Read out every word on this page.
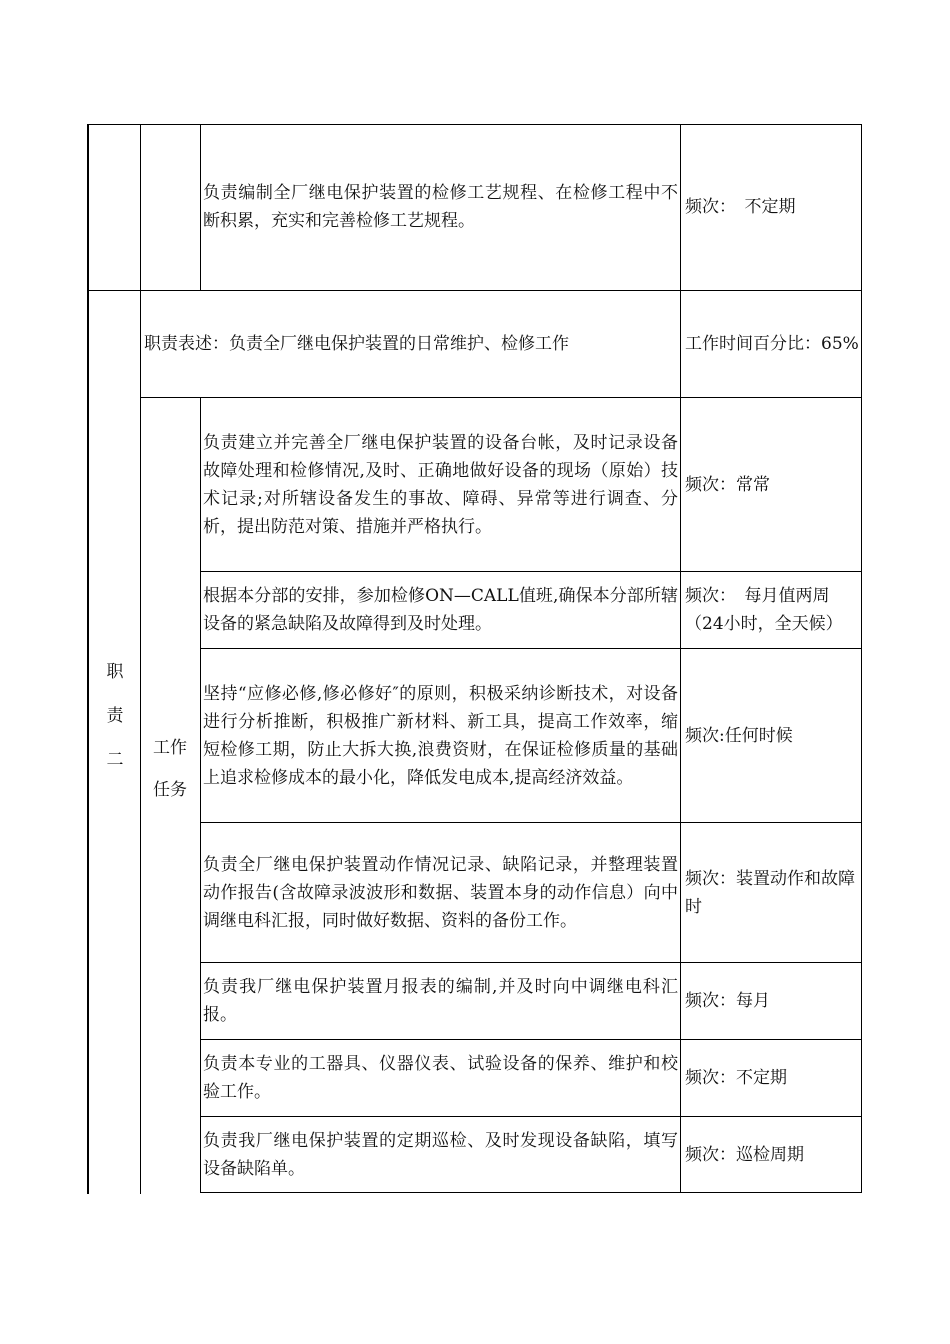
负责编制全厂继电保护装置的检修工艺规程、在检修工程中不断积累，充实和完善检修工艺规程。
频次：　不定期
职
责
二
职责表述：负责全厂继电保护装置的日常维护、检修工作	工作时间百分比：65%
工作
任务
负责建立并完善全厂继电保护装置的设备台帐，及时记录设备故障处理和检修情况,及时、正确地做好设备的现场（原始）技术记录;对所辖设备发生的事故、障碍、异常等进行调查、分析，提出防范对策、措施并严格执行。
频次：常常
根据本分部的安排，参加检修ON—CALL值班,确保本分部所辖设备的紧急缺陷及故障得到及时处理。
频次：　每月值两周（24小时，全天候）
坚持“应修必修,修必修好″的原则，积极采纳诊断技术，对设备进行分析推断，积极推广新材料、新工具，提高工作效率，缩短检修工期，防止大拆大换,浪费资财，在保证检修质量的基础上追求检修成本的最小化，降低发电成本,提高经济效益。
频次:任何时候
负责全厂继电保护装置动作情况记录、缺陷记录，并整理装置动作报告(含故障录波波形和数据、装置本身的动作信息）向中调继电科汇报，同时做好数据、资料的备份工作。
频次：装置动作和故障时
负责我厂继电保护装置月报表的编制,并及时向中调继电科汇报。
频次：每月
负责本专业的工器具、仪器仪表、试验设备的保养、维护和校验工作。
频次：不定期
负责我厂继电保护装置的定期巡检、及时发现设备缺陷，填写设备缺陷单。
频次：巡检周期
